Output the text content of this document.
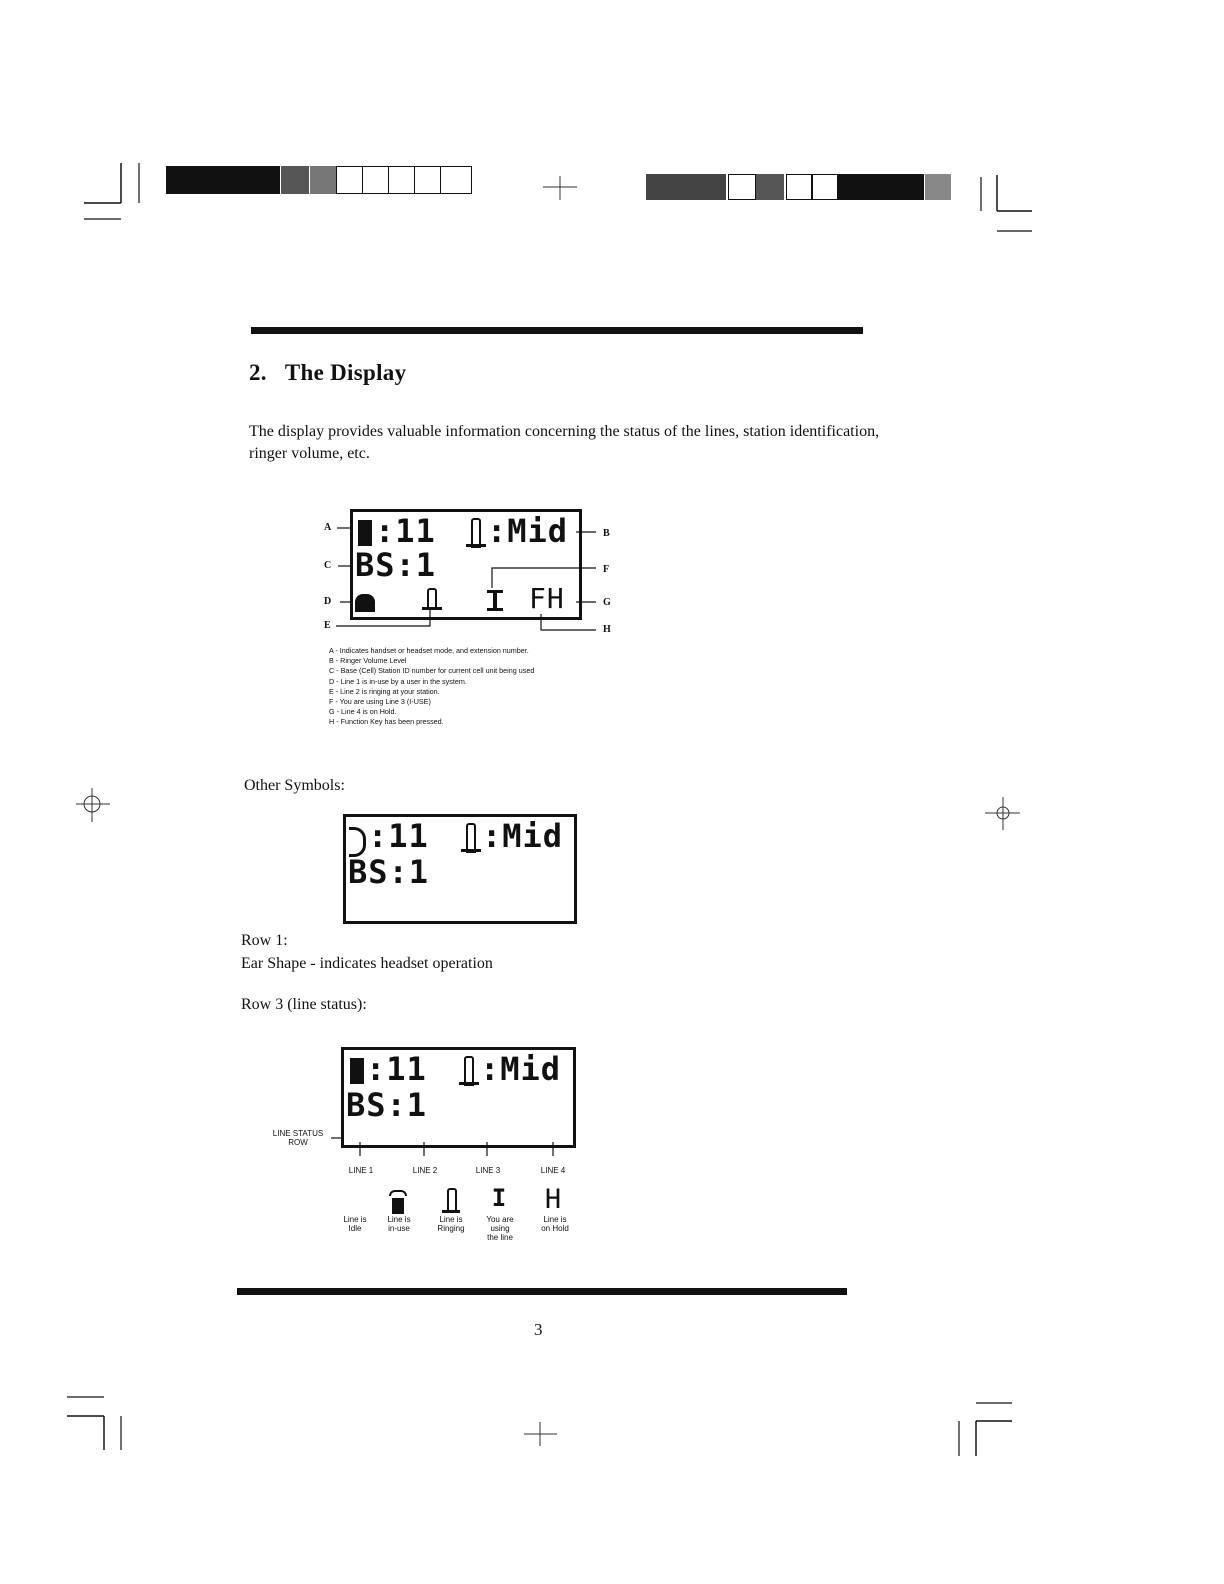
2. The Display
The display provides valuable information concerning the status of the lines, station identification, ringer volume, etc.
:11 :Mid
BS:1
FH
A
B
C
D
E
F
G
H
A - Indicates handset or headset mode, and extension number.
B - Ringer Volume Level
C - Base (Cell) Station ID number for current cell unit being used
D - Line 1 is in-use by a user in the system.
E - Line 2 is ringing at your station.
F - You are using Line 3 (I-USE)
G - Line 4 is on Hold.
H - Function Key has been pressed.
Other Symbols:
:11 :Mid
BS:1
Row 1:
Ear Shape - indicates headset operation
Row 3 (line status):
:11 :Mid
BS:1
LINE STATUS
ROW
LINE 1	LINE 2	LINE 3	LINE 4
I H
Line is
Idle
Line is
in-use
Line is
Ringing
You are
using
the line
Line is
on Hold
3
